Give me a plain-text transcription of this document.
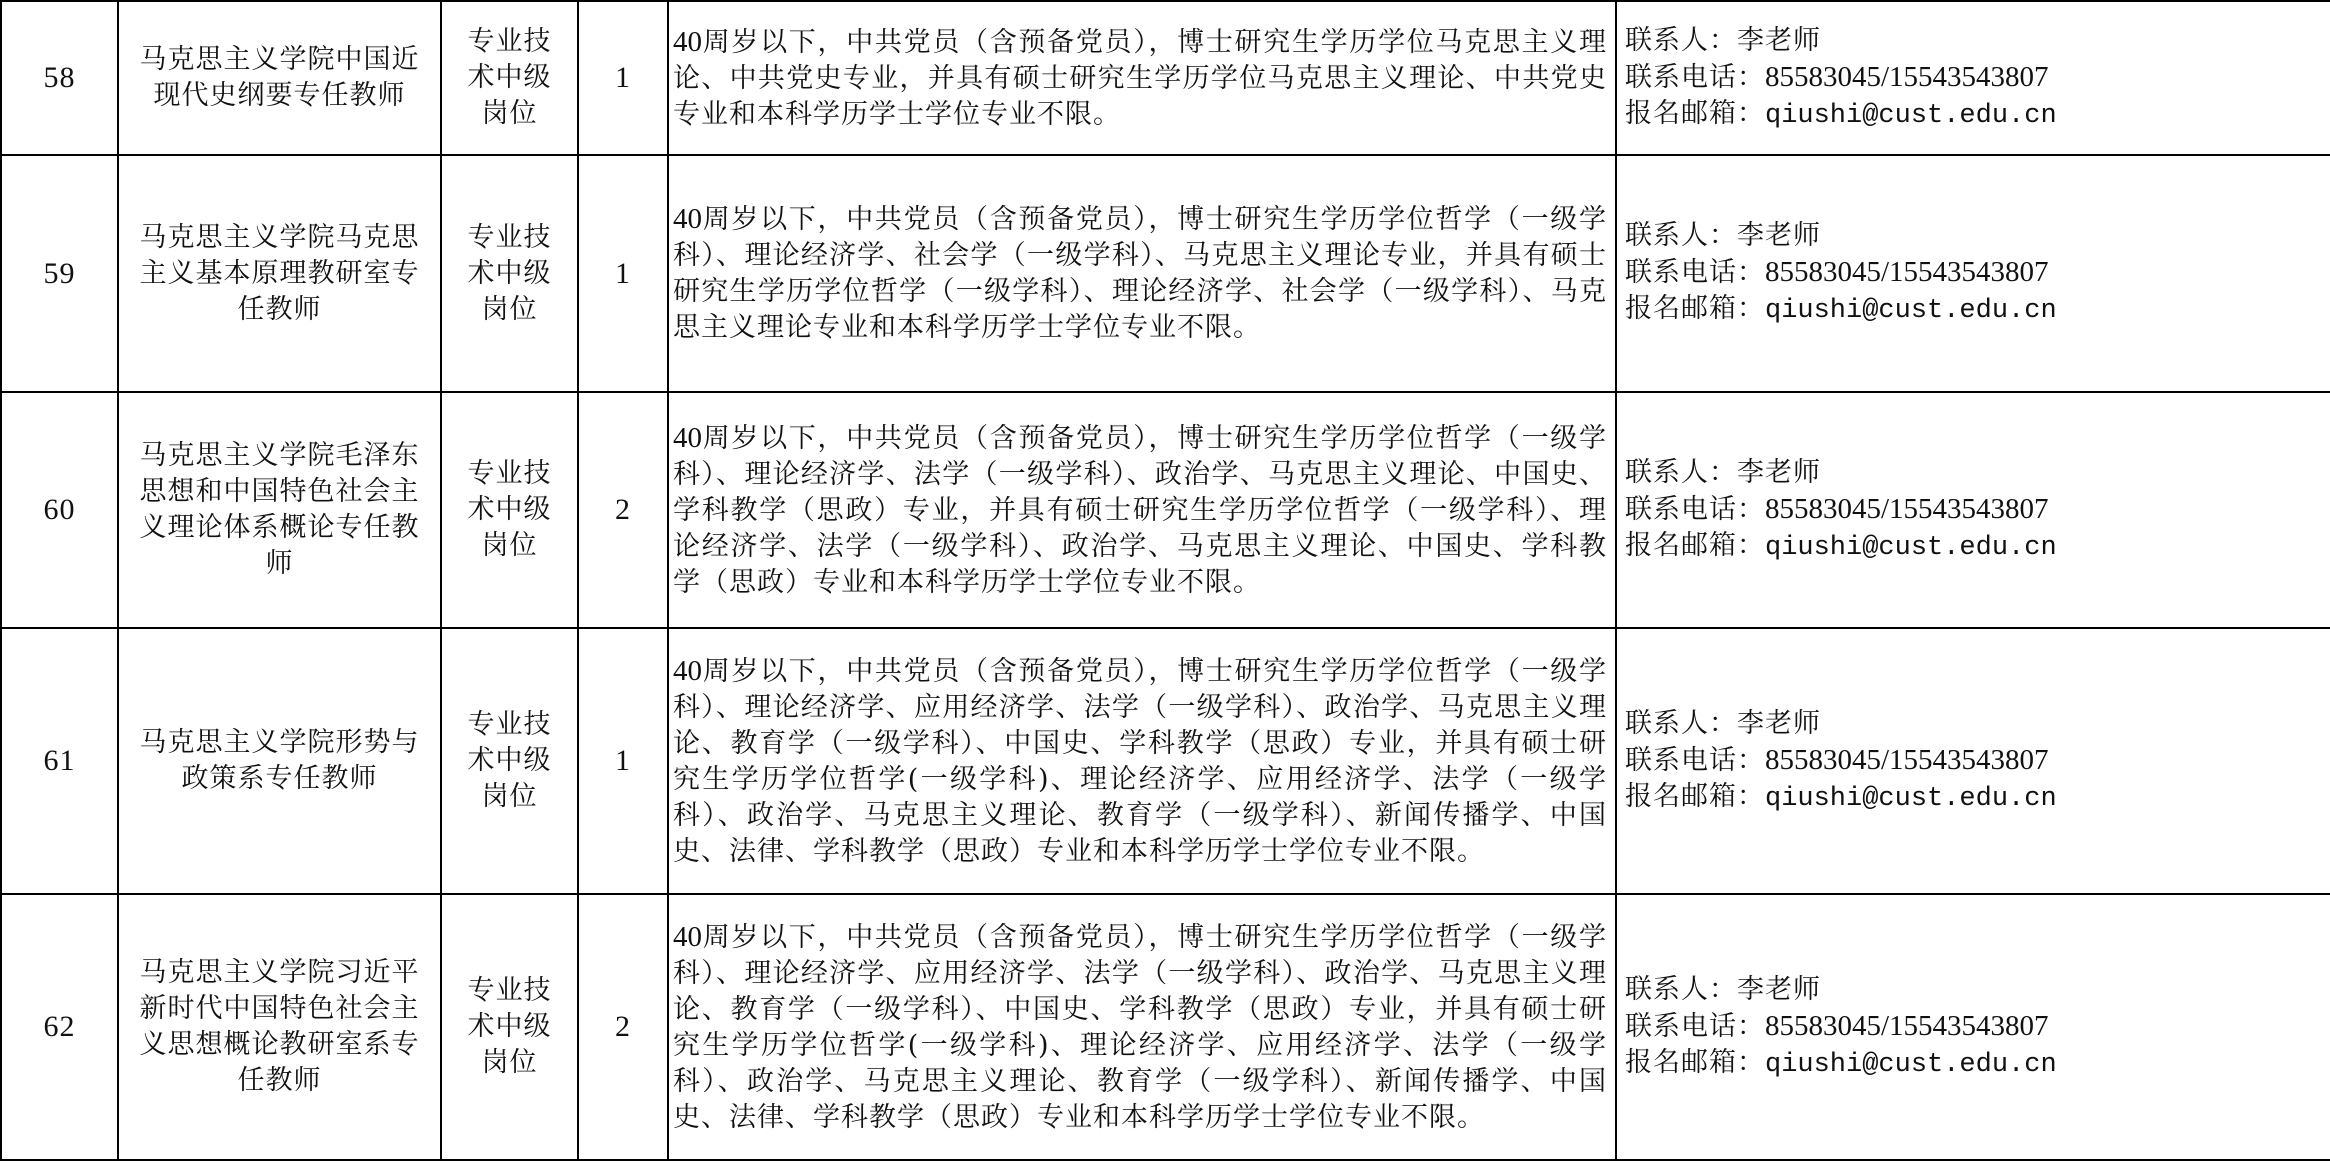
58	马克思主义学院中国近现代史纲要专任教师	专业技术中级岗位	1	40周岁以下，中共党员（含预备党员），博士研究生学历学位马克思主义理论、中共党史专业，并具有硕士研究生学历学位马克思主义理论、中共党史专业和本科学历学士学位专业不限。	联系人：李老师
联系电话：85583045/15543543807
报名邮箱：qiushi@cust.edu.cn

59	马克思主义学院马克思主义基本原理教研室专任教师	专业技术中级岗位	1	40周岁以下，中共党员（含预备党员），博士研究生学历学位哲学（一级学科）、理论经济学、社会学（一级学科）、马克思主义理论专业，并具有硕士研究生学历学位哲学（一级学科）、理论经济学、社会学（一级学科）、马克思主义理论专业和本科学历学士学位专业不限。	联系人：李老师
联系电话：85583045/15543543807
报名邮箱：qiushi@cust.edu.cn

60	马克思主义学院毛泽东思想和中国特色社会主义理论体系概论专任教师	专业技术中级岗位	2	40周岁以下，中共党员（含预备党员），博士研究生学历学位哲学（一级学科）、理论经济学、法学（一级学科）、政治学、马克思主义理论、中国史、学科教学（思政）专业，并具有硕士研究生学历学位哲学（一级学科）、理论经济学、法学（一级学科）、政治学、马克思主义理论、中国史、学科教学（思政）专业和本科学历学士学位专业不限。	联系人：李老师
联系电话：85583045/15543543807
报名邮箱：qiushi@cust.edu.cn

61	马克思主义学院形势与政策系专任教师	专业技术中级岗位	1	40周岁以下，中共党员（含预备党员），博士研究生学历学位哲学（一级学科）、理论经济学、应用经济学、法学（一级学科）、政治学、马克思主义理论、教育学（一级学科）、中国史、学科教学（思政）专业，并具有硕士研究生学历学位哲学(一级学科)、理论经济学、应用经济学、法学（一级学科）、政治学、马克思主义理论、教育学（一级学科）、新闻传播学、中国史、法律、学科教学（思政）专业和本科学历学士学位专业不限。	联系人：李老师
联系电话：85583045/15543543807
报名邮箱：qiushi@cust.edu.cn

62	马克思主义学院习近平新时代中国特色社会主义思想概论教研室系专任教师	专业技术中级岗位	2	40周岁以下，中共党员（含预备党员），博士研究生学历学位哲学（一级学科）、理论经济学、应用经济学、法学（一级学科）、政治学、马克思主义理论、教育学（一级学科）、中国史、学科教学（思政）专业，并具有硕士研究生学历学位哲学(一级学科)、理论经济学、应用经济学、法学（一级学科）、政治学、马克思主义理论、教育学（一级学科）、新闻传播学、中国史、法律、学科教学（思政）专业和本科学历学士学位专业不限。	联系人：李老师
联系电话：85583045/15543543807
报名邮箱：qiushi@cust.edu.cn
